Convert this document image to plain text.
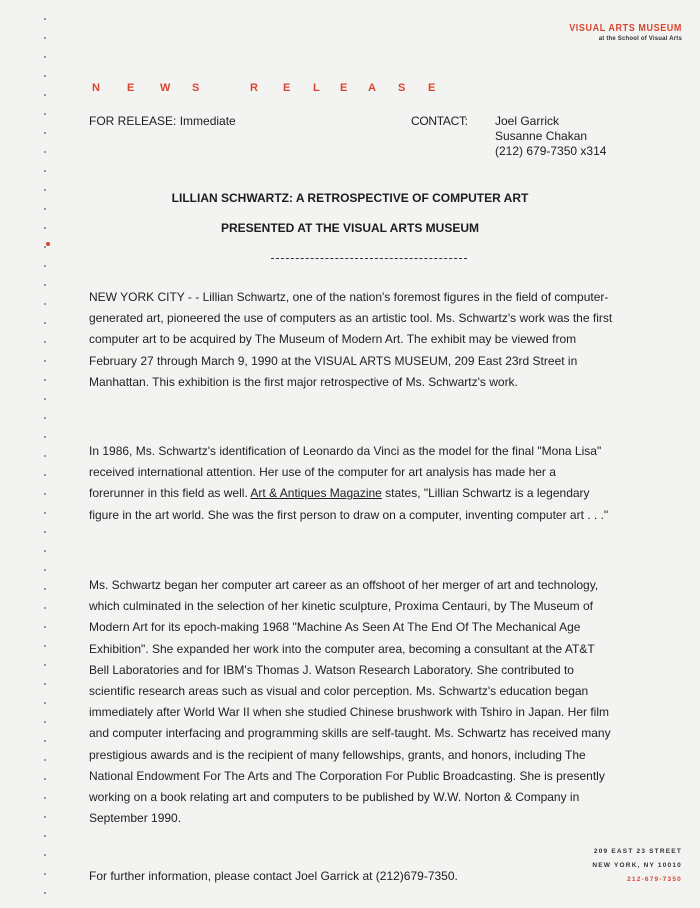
VISUAL ARTS MUSEUM
at the School of Visual Arts
N E W S	R E L E A S E
FOR RELEASE: Immediate	CONTACT: Joel Garrick
Susanne Chakan
(212) 679-7350 x314
LILLIAN SCHWARTZ: A RETROSPECTIVE OF COMPUTER ART
PRESENTED AT THE VISUAL ARTS MUSEUM

NEW YORK CITY - - Lillian Schwartz, one of the nation's foremost figures in the field of computer-generated art, pioneered the use of computers as an artistic tool. Ms. Schwartz's work was the first computer art to be acquired by The Museum of Modern Art. The exhibit may be viewed from February 27 through March 9, 1990 at the VISUAL ARTS MUSEUM, 209 East 23rd Street in Manhattan. This exhibition is the first major retrospective of Ms. Schwartz's work.

In 1986, Ms. Schwartz's identification of Leonardo da Vinci as the model for the final "Mona Lisa" received international attention. Her use of the computer for art analysis has made her a forerunner in this field as well. Art & Antiques Magazine states, "Lillian Schwartz is a legendary figure in the art world. She was the first person to draw on a computer, inventing computer art . . ."

Ms. Schwartz began her computer art career as an offshoot of her merger of art and technology, which culminated in the selection of her kinetic sculpture, Proxima Centauri, by The Museum of Modern Art for its epoch-making 1968 "Machine As Seen At The End Of The Mechanical Age Exhibition". She expanded her work into the computer area, becoming a consultant at the AT&T Bell Laboratories and for IBM's Thomas J. Watson Research Laboratory. She contributed to scientific research areas such as visual and color perception. Ms. Schwartz's education began immediately after World War II when she studied Chinese brushwork with Tshiro in Japan. Her film and computer interfacing and programming skills are self-taught. Ms. Schwartz has received many prestigious awards and is the recipient of many fellowships, grants, and honors, including The National Endowment For The Arts and The Corporation For Public Broadcasting. She is presently working on a book relating art and computers to be published by W.W. Norton & Company in September 1990.

For further information, please contact Joel Garrick at (212)679-7350.
209 EAST 23 STREET
NEW YORK, NY 10010
212-679-7350
